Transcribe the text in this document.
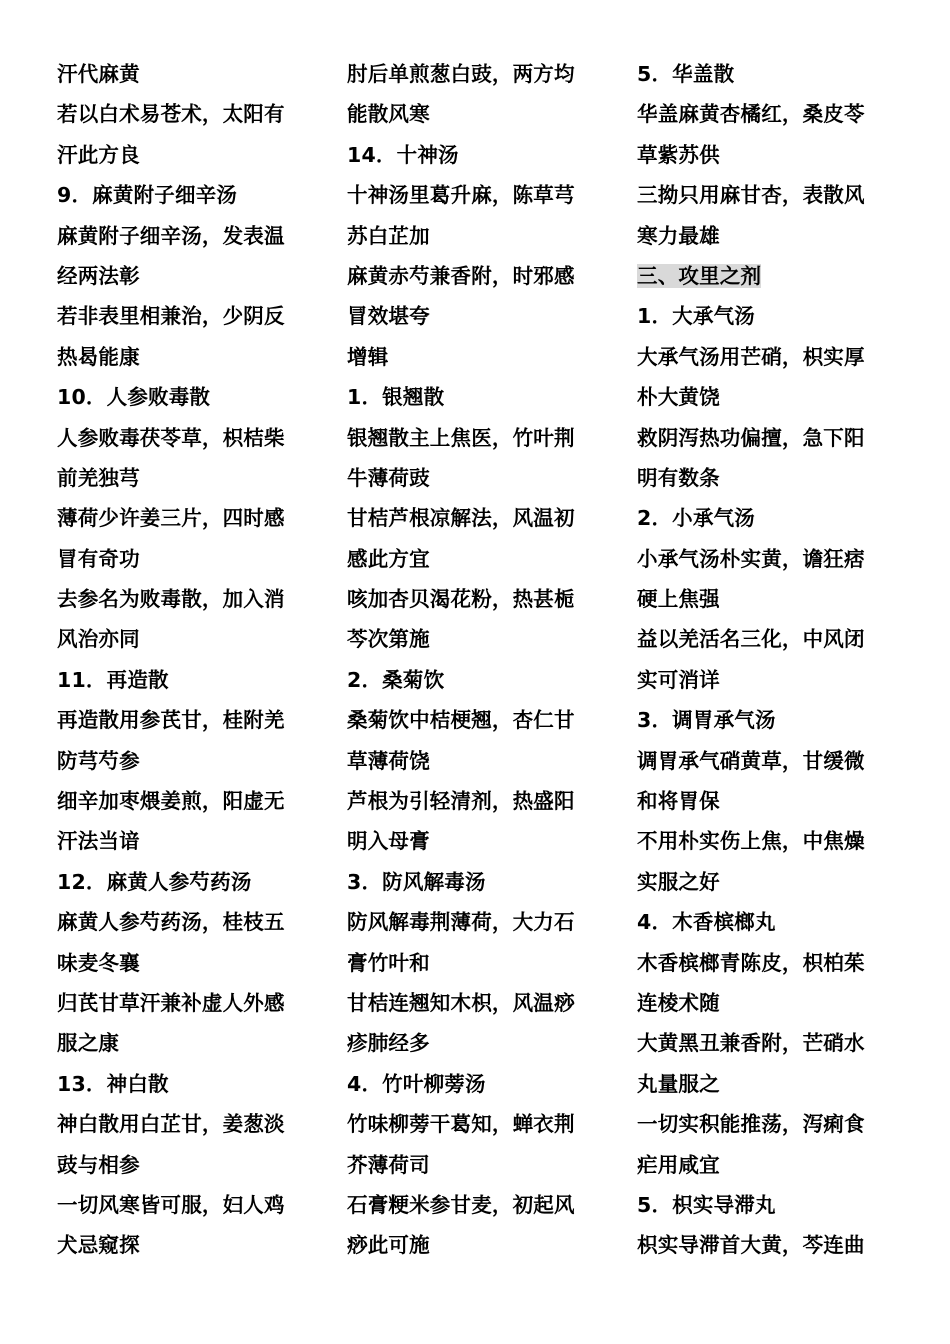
汗代麻黄
若以白术易苍术，太阳有
汗此方良
9．麻黄附子细辛汤
麻黄附子细辛汤，发表温
经两法彰
若非表里相兼治，少阴反
热曷能康
10．人参败毒散
人参败毒茯苓草，枳桔柴
前羌独芎
薄荷少许姜三片，四时感
冒有奇功
去参名为败毒散，加入消
风治亦同
11．再造散
再造散用参芪甘，桂附羌
防芎芍参
细辛加枣煨姜煎，阳虚无
汗法当谙
12．麻黄人参芍药汤
麻黄人参芍药汤，桂枝五
味麦冬襄
归芪甘草汗兼补虚人外感
服之康
13．神白散
神白散用白芷甘，姜葱淡
豉与相参
一切风寒皆可服，妇人鸡
犬忌窥探
肘后单煎葱白豉，两方均
能散风寒
14．十神汤
十神汤里葛升麻，陈草芎
苏白芷加
麻黄赤芍兼香附，时邪感
冒效堪夸
增辑
1．银翘散
银翘散主上焦医，竹叶荆
牛薄荷豉
甘桔芦根凉解法，风温初
感此方宜
咳加杏贝渴花粉，热甚栀
芩次第施
2．桑菊饮
桑菊饮中桔梗翘，杏仁甘
草薄荷饶
芦根为引轻清剂，热盛阳
明入母膏
3．防风解毒汤
防风解毒荆薄荷，大力石
膏竹叶和
甘桔连翘知木枳，风温痧
疹肺经多
4．竹叶柳蒡汤
竹味柳蒡干葛知，蝉衣荆
芥薄荷司
石膏粳米参甘麦，初起风
痧此可施
5．华盖散
华盖麻黄杏橘红，桑皮苓
草紫苏供
三拗只用麻甘杏，表散风
寒力最雄
三、攻里之剂
1．大承气汤
大承气汤用芒硝，枳实厚
朴大黄饶
救阴泻热功偏擅，急下阳
明有数条
2．小承气汤
小承气汤朴实黄，谵狂痞
硬上焦强
益以羌活名三化，中风闭
实可消详
3．调胃承气汤
调胃承气硝黄草，甘缓微
和将胃保
不用朴实伤上焦，中焦燥
实服之好
4．木香槟榔丸
木香槟榔青陈皮，枳柏茱
连棱术随
大黄黑丑兼香附，芒硝水
丸量服之
一切实积能推荡，泻痢食
疟用咸宜
5．枳实导滞丸
枳实导滞首大黄，芩连曲
